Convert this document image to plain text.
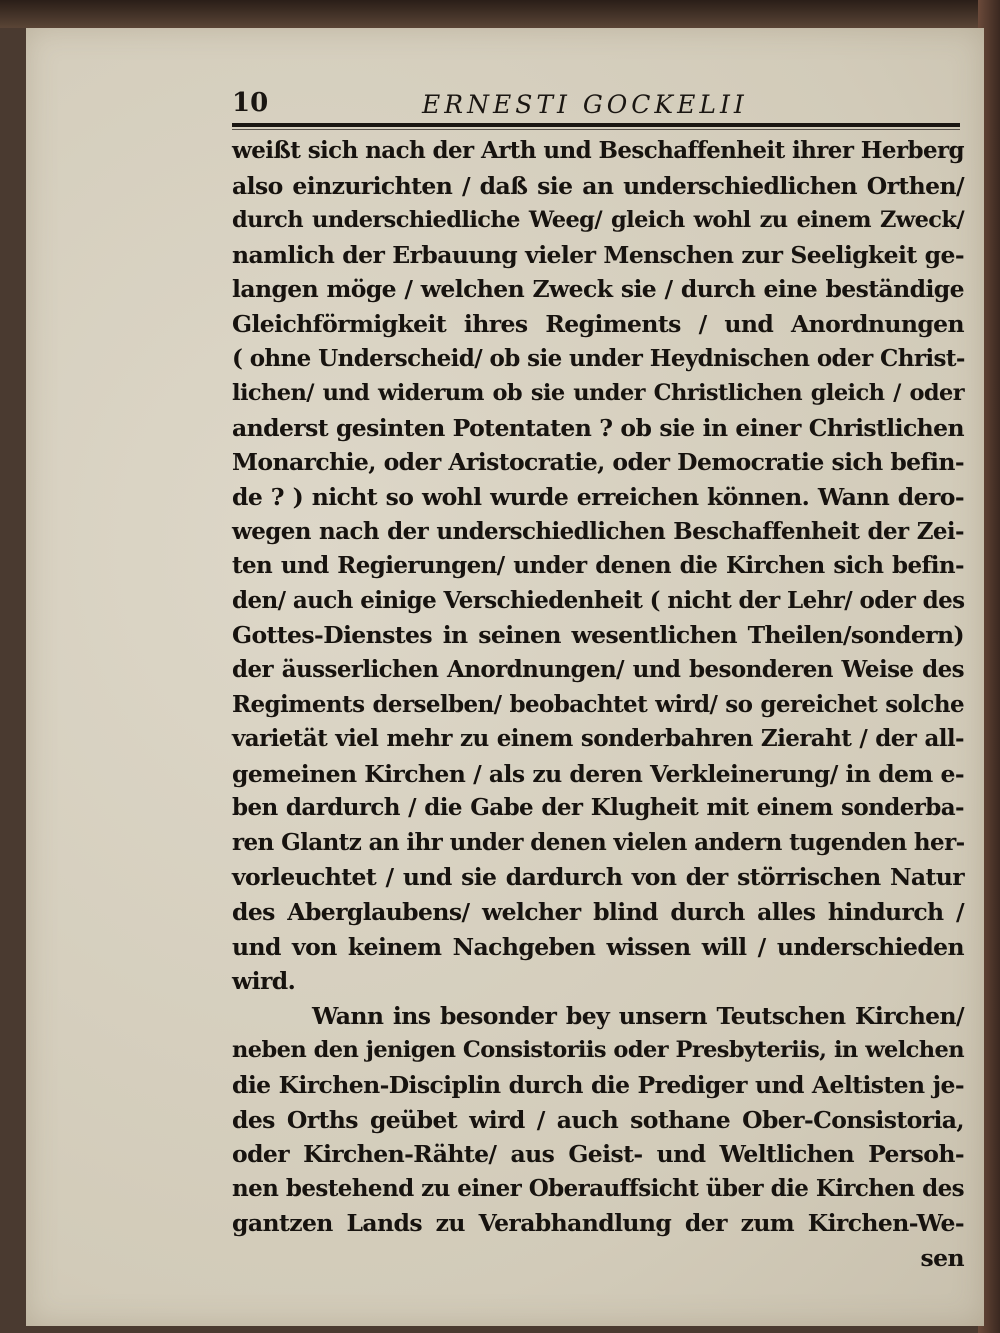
10	ERNESTI GOCKELII
weißt sich nach der Arth und Beschaffenheit ihrer Herberg
also einzurichten / daß sie an underschiedlichen Orthen/
durch underschiedliche Weeg/ gleich wohl zu einem Zweck/
namlich der Erbauung vieler Menschen zur Seeligkeit ge-
langen möge / welchen Zweck sie / durch eine beständige
Gleichförmigkeit ihres Regiments / und Anordnungen
( ohne Underscheid/ ob sie under Heydnischen oder Christ-
lichen/ und widerum ob sie under Christlichen gleich / oder
anderst gesinten Potentaten ? ob sie in einer Christlichen
Monarchie, oder Aristocratie, oder Democratie sich befin-
de ? ) nicht so wohl wurde erreichen können. Wann dero-
wegen nach der underschiedlichen Beschaffenheit der Zei-
ten und Regierungen/ under denen die Kirchen sich befin-
den/ auch einige Verschiedenheit ( nicht der Lehr/ oder des
Gottes-Dienstes in seinen wesentlichen Theilen/sondern)
der äusserlichen Anordnungen/ und besonderen Weise des
Regiments derselben/ beobachtet wird/ so gereichet solche
varietät viel mehr zu einem sonderbahren Zieraht / der all-
gemeinen Kirchen / als zu deren Verkleinerung/ in dem e-
ben dardurch / die Gabe der Klugheit mit einem sonderba-
ren Glantz an ihr under denen vielen andern tugenden her-
vorleuchtet / und sie dardurch von der störrischen Natur
des Aberglaubens/ welcher blind durch alles hindurch /
und von keinem Nachgeben wissen will / underschieden
wird.
Wann ins besonder bey unsern Teutschen Kirchen/
neben den jenigen Consistoriis oder Presbyteriis, in welchen
die Kirchen-Disciplin durch die Prediger und Aeltisten je-
des Orths geübet wird / auch sothane Ober-Consistoria,
oder Kirchen-Rähte/ aus Geist- und Weltlichen Persoh-
nen bestehend zu einer Oberauffsicht über die Kirchen des
gantzen Lands zu Verabhandlung der zum Kirchen-We-
sen
